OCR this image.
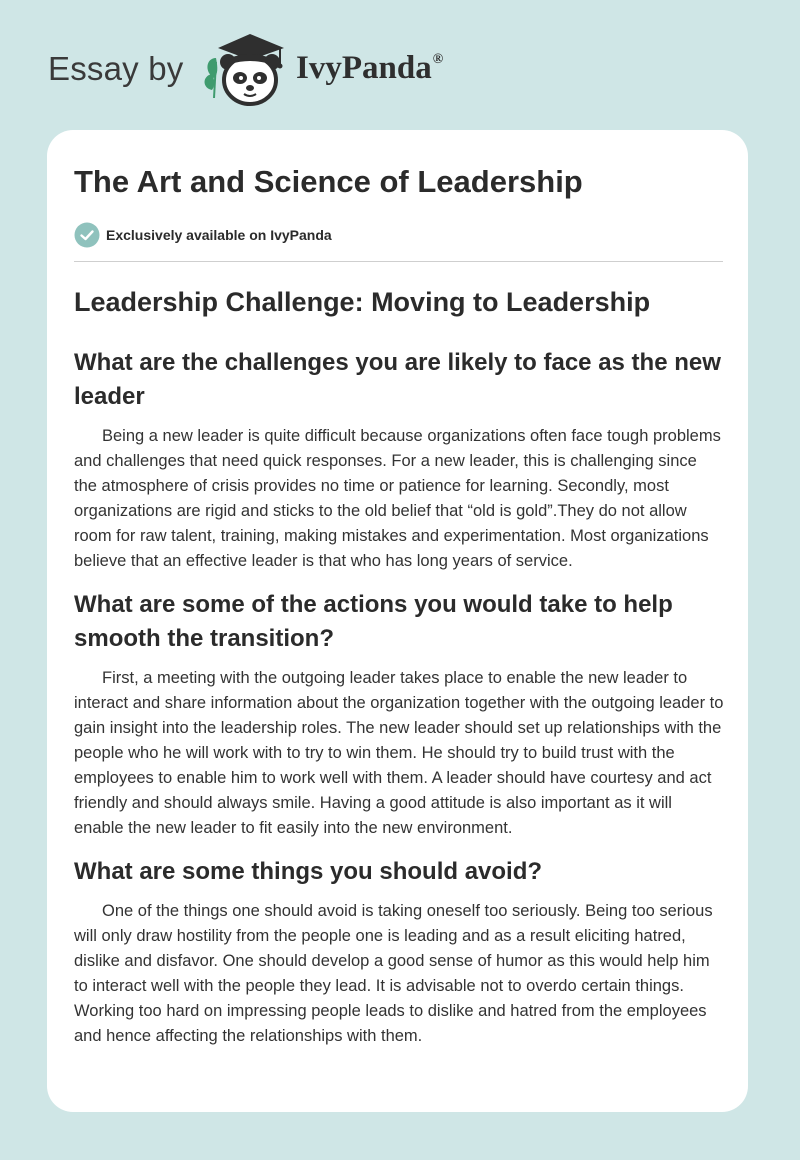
Essay by	IvyPanda®
The Art and Science of Leadership
Exclusively available on IvyPanda
Leadership Challenge: Moving to Leadership
What are the challenges you are likely to face as the new leader

Being a new leader is quite difficult because organizations often face tough problems and challenges that need quick responses. For a new leader, this is challenging since the atmosphere of crisis provides no time or patience for learning. Secondly, most organizations are rigid and sticks to the old belief that “old is gold”.They do not allow room for raw talent, training, making mistakes and experimentation. Most organizations believe that an effective leader is that who has long years of service.

What are some of the actions you would take to help smooth the transition?

First, a meeting with the outgoing leader takes place to enable the new leader to interact and share information about the organization together with the outgoing leader to gain insight into the leadership roles. The new leader should set up relationships with the people who he will work with to try to win them. He should try to build trust with the employees to enable him to work well with them. A leader should have courtesy and act friendly and should always smile. Having a good attitude is also important as it will enable the new leader to fit easily into the new environment.

What are some things you should avoid?

One of the things one should avoid is taking oneself too seriously. Being too serious will only draw hostility from the people one is leading and as a result eliciting hatred, dislike and disfavor. One should develop a good sense of humor as this would help him to interact well with the people they lead. It is advisable not to overdo certain things. Working too hard on impressing people leads to dislike and hatred from the employees and hence affecting the relationships with them.
